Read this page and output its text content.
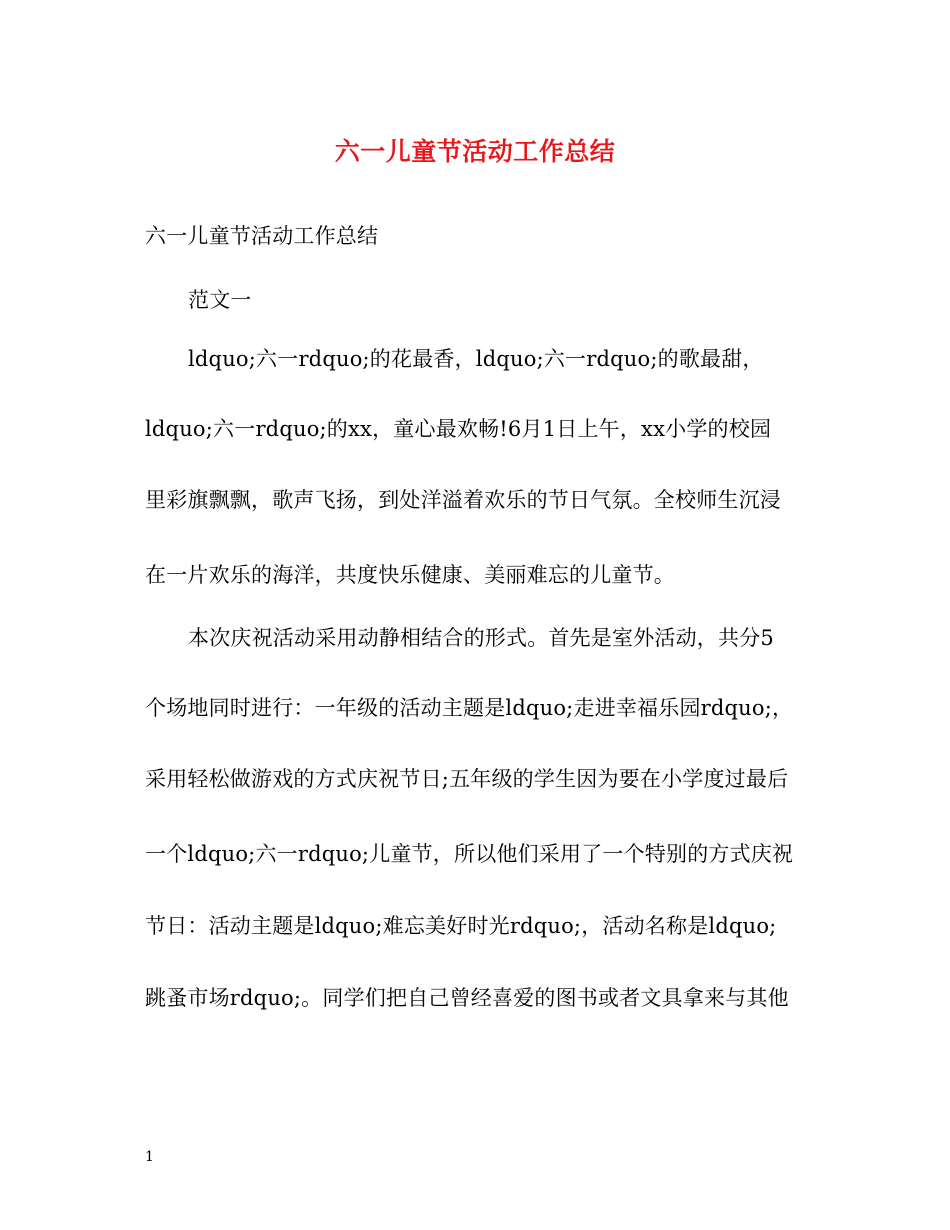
六一儿童节活动工作总结
六一儿童节活动工作总结
范文一
ldquo;六一rdquo;的花最香，ldquo;六一rdquo;的歌最甜，
ldquo;六一rdquo;的xx，童心最欢畅!6月1日上午，xx小学的校园
里彩旗飘飘，歌声飞扬，到处洋溢着欢乐的节日气氛。全校师生沉浸
在一片欢乐的海洋，共度快乐健康、美丽难忘的儿童节。
本次庆祝活动采用动静相结合的形式。首先是室外活动，共分5
个场地同时进行：一年级的活动主题是ldquo;走进幸福乐园rdquo;，
采用轻松做游戏的方式庆祝节日;五年级的学生因为要在小学度过最后
一个ldquo;六一rdquo;儿童节，所以他们采用了一个特别的方式庆祝
节日：活动主题是ldquo;难忘美好时光rdquo;，活动名称是ldquo;
跳蚤市场rdquo;。同学们把自己曾经喜爱的图书或者文具拿来与其他
1
